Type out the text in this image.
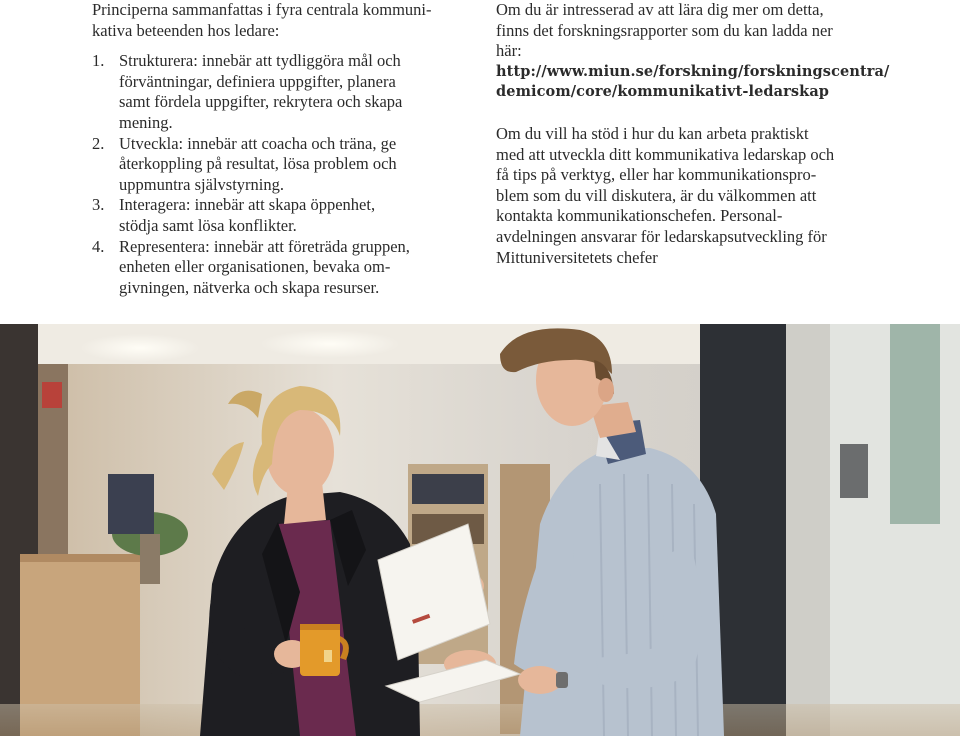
Principerna sammanfattas i fyra centrala kommuni-
kativa beteenden hos ledare:

1. Strukturera: innebär att tydliggöra mål och
förväntningar, definiera uppgifter, planera
samt fördela uppgifter, rekrytera och skapa
mening.
2. Utveckla: innebär att coacha och träna, ge
återkoppling på resultat, lösa problem och
uppmuntra självstyrning.
3. Interagera: innebär att skapa öppenhet,
stödja samt lösa konflikter.
4. Representera: innebär att företräda gruppen,
enheten eller organisationen, bevaka om-
givningen, nätverka och skapa resurser.

Om du är intresserad av att lära dig mer om detta,
finns det forskningsrapporter som du kan ladda ner
här:

http://www.miun.se/forskning/forskningscentra/
demicom/core/kommunikativt-ledarskap

Om du vill ha stöd i hur du kan arbeta praktiskt
med att utveckla ditt kommunikativa ledarskap och
få tips på verktyg, eller har kommunikationspro-
blem som du vill diskutera, är du välkommen att
kontakta kommunikationschefen. Personal-
avdelningen ansvarar för ledarskapsutveckling för
Mittuniversitetets chefer
